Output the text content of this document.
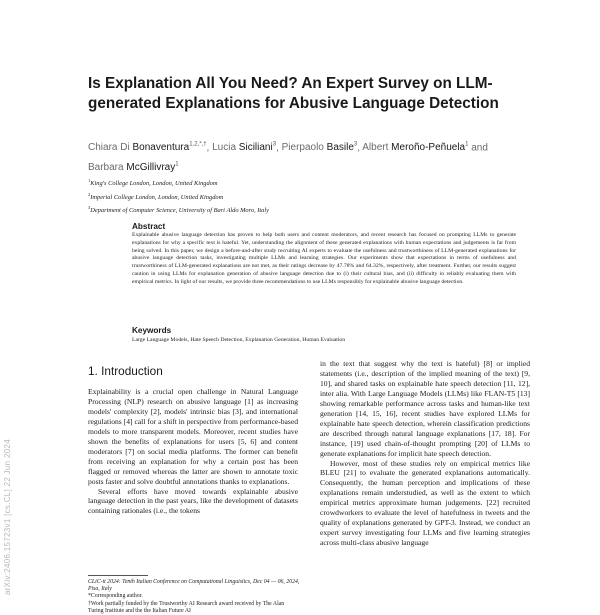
arXiv:2406.15723v1 [cs.CL] 22 Jun 2024
Is Explanation All You Need? An Expert Survey on LLM-generated Explanations for Abusive Language Detection
Chiara Di Bonaventura$^{1,2,*,\dagger}$, Lucia Siciliani$^3$, Pierpaolo Basile$^3$, Albert Meroño-Peñuela$^1$ and
Barbara McGillivray$^1$
$^1$King's College London, London, United Kingdom
$^2$Imperial College London, London, United Kingdom
$^3$Department of Computer Science, University of Bari Aldo Moro, Italy
Abstract
Explainable abusive language detection has proven to help both users and content moderators, and recent research has focused on prompting LLMs to generate explanations for why a specific text is hateful. Yet, understanding the alignment of these generated explanations with human expectations and judgements is far from being solved. In this paper, we design a before-and-after study recruiting AI experts to evaluate the usefulness and trustworthiness of LLM-generated explanations for abusive language detection tasks, investigating multiple LLMs and learning strategies. Our experiments show that expectations in terms of usefulness and trustworthiness of LLM-generated explanations are not met, as their ratings decrease by 47.78% and 64.32%, respectively, after treatment. Further, our results suggest caution in using LLMs for explanation generation of abusive language detection due to (i) their cultural bias, and (ii) difficulty in reliably evaluating them with empirical metrics. In light of our results, we provide three recommendations to use LLMs responsibly for explainable abusive language detection.
Keywords
Large Language Models, Hate Speech Detection, Explanation Generation, Human Evaluation
1. Introduction

Explainability is a crucial open challenge in Natural Language Processing (NLP) research on abusive language [1] as increasing models' complexity [2], models' intrinsic bias [3], and international regulations [4] call for a shift in perspective from performance-based models to more transparent models. Moreover, recent studies have shown the benefits of explanations for users [5, 6] and content moderators [7] on social media platforms. The former can benefit from receiving an explanation for why a certain post has been flagged or removed whereas the latter are shown to annotate toxic posts faster and solve doubtful annotations thanks to explanations.

Several efforts have moved towards explainable abusive language detection in the past years, like the development of datasets containing rationales (i.e., the tokens

in the text that suggest why the text is hateful) [8] or implied statements (i.e., description of the implied meaning of the text) [9, 10], and shared tasks on explainable hate speech detection [11, 12], inter alia. With Large Language Models (LLMs) like FLAN-T5 [13] showing remarkable performance across tasks and human-like text generation [14, 15, 16], recent studies have explored LLMs for explainable hate speech detection, wherein classification predictions are described through natural language explanations [17, 18]. For instance, [19] used chain-of-thought prompting [20] of LLMs to generate explanations for implicit hate speech detection.

However, most of these studies rely on empirical metrics like BLEU [21] to evaluate the generated explanations automatically. Consequently, the human perception and implications of these explanations remain understudied, as well as the extent to which empirical metrics approximate human judgements. [22] recruited crowdworkers to evaluate the level of hatefulness in tweets and the quality of explanations generated by GPT-3. Instead, we conduct an expert survey investigating four LLMs and five learning strategies across multi-class abusive language

CLiC-it 2024: Tenth Italian Conference on Computational Linguistics, Dec 04 — 06, 2024, Pisa, Italy

*Corresponding author.

†Work partially funded by the Trustworthy AI Research award received by The Alan Turing Institute and the the Italian Future AI
